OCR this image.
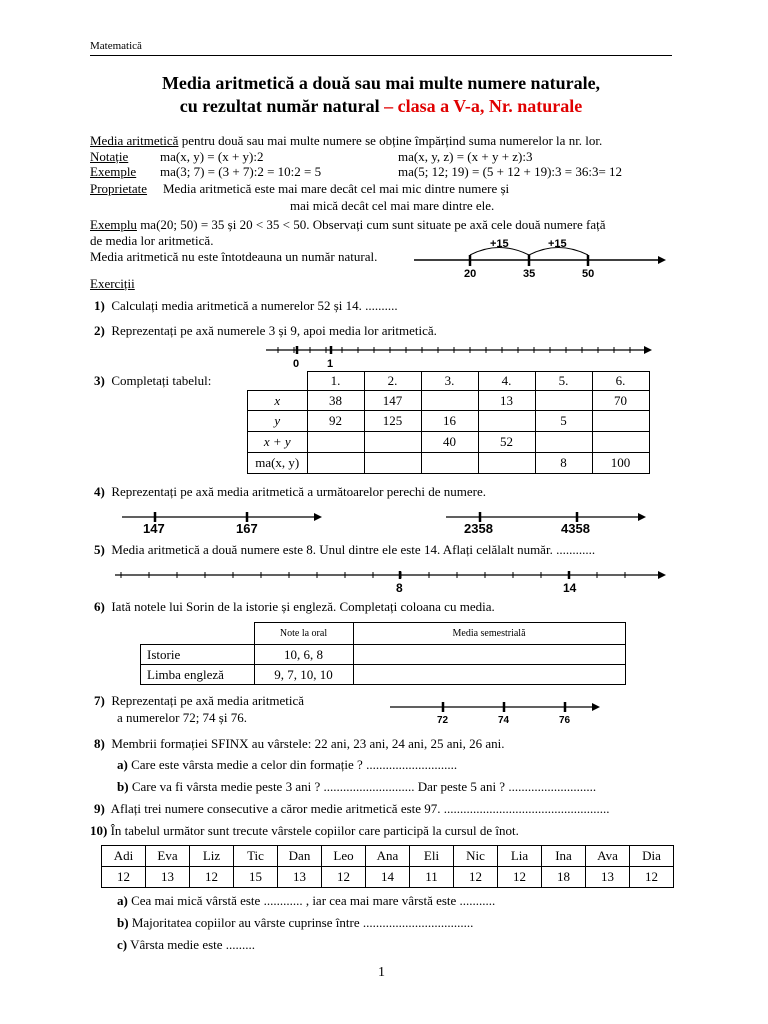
Matematică
Media aritmetică a două sau mai multe numere naturale,
cu rezultat număr natural – clasa a V-a, Nr. naturale
Media aritmetică pentru două sau mai multe numere se obține împărțind suma numerelor la nr. lor.
Notație ma(x, y) = (x + y):2	ma(x, y, z) = (x + y + z):3
Exemple ma(3; 7) = (3 + 7):2 = 10:2 = 5	ma(5; 12; 19) = (5 + 12 + 19):3 = 36:3= 12
Proprietate Media aritmetică este mai mare decât cel mai mic dintre numere și
mai mică decât cel mai mare dintre ele.
Exemplu ma(20; 50) = 35 și 20 < 35 < 50. Observați cum sunt situate pe axă cele două numere față
de media lor aritmetică.
Media aritmetică nu este întotdeauna un număr natural.
20	35	50
+15	+15
Exerciții
1) Calculați media aritmetică a numerelor 52 și 14. ..........
2) Reprezentați pe axă numerele 3 și 9, apoi media lor aritmetică.
0	1
3) Completați tabelul:
		1.	2.	3.	4.	5.	6.
x	38	147		13		70
y	92	125	16		5	
x + y			40	52		
ma(x, y)					8	100
4) Reprezentați pe axă media aritmetică a următoarelor perechi de numere.
147	167	2358	4358
5) Media aritmetică a două numere este 8. Unul dintre ele este 14. Aflați celălalt număr. ............
8	14
6) Iată notele lui Sorin de la istorie și engleză. Completați coloana cu media.
	Note la oral	Media semestrială
Istorie	10, 6, 8	
Limba engleză	9, 7, 10, 10	
7) Reprezentați pe axă media aritmetică
a numerelor 72; 74 și 76.	72	74	76
8) Membrii formației SFINX au vârstele: 22 ani, 23 ani, 24 ani, 25 ani, 26 ani.
a) Care este vârsta medie a celor din formație ? ............................
b) Care va fi vârsta medie peste 3 ani ? ............................ Dar peste 5 ani ? ...........................
9) Aflați trei numere consecutive a căror medie aritmetică este 97. ...................................................
10) În tabelul următor sunt trecute vârstele copiilor care participă la cursul de înot.
Adi	Eva	Liz	Tic	Dan	Leo	Ana	Eli	Nic	Lia	Ina	Ava	Dia
12	13	12	15	13	12	14	11	12	12	18	13	12
a) Cea mai mică vârstă este ............ , iar cea mai mare vârstă este ...........
b) Majoritatea copiilor au vârste cuprinse între ..................................
c) Vârsta medie este .........
1
